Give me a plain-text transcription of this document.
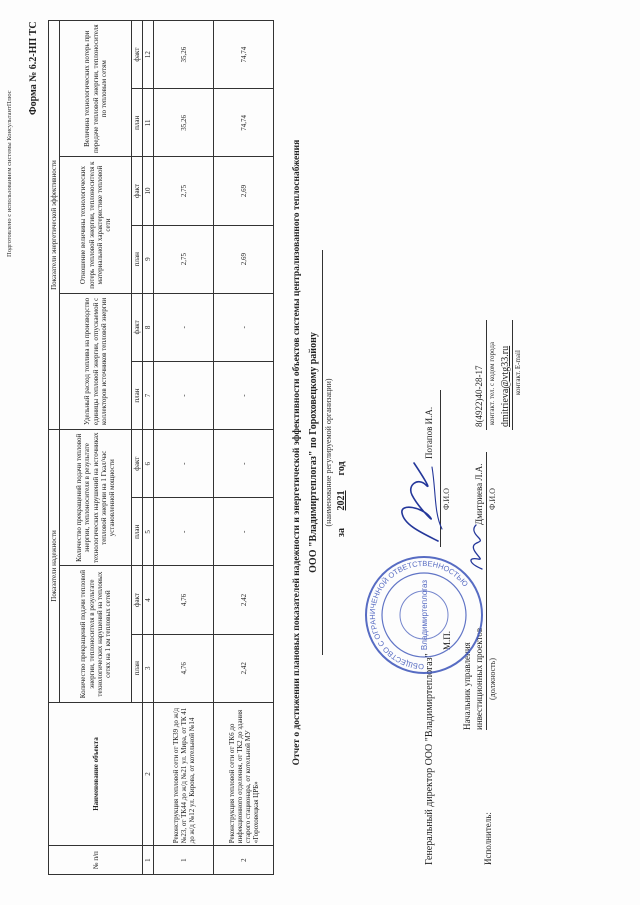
Подготовлено с использованием системы КонсультантПлюс
Форма № 6.2-НП ТС
№ п/п	Наименование объекта	Показатели надежности				Показатели энергетической эффективности					
		Количество прекращений подачи тепловой энергии, теплоносителя в результате технологических нарушений на тепловых сетях на 1 км тепловых сетей		Количество прекращений подачи тепловой энергии, теплоносителя в результате технологических нарушений на источниках тепловой энергии на 1 Гкал/час установленной мощности		Удельный расход топлива на производство единицы тепловой энергии, отпускаемой с коллекторов источников тепловой энергии		Отношение величины технологических потерь тепловой энергии, теплоносителя к материальной характеристике тепловой сети		Величина технологических потерь при передаче тепловой энергии, теплоносителя по тепловым сетям	
		план	факт	план	факт	план	факт	план	факт	план	факт
1	2	3	4	5	6	7	8	9	10	11	12
1	Реконструкция тепловой сети от ТК39 до ж/д №23, от ТК44 до ж/д №21 ул. Мира, от ТК 41 до ж/д №12 ул. Кирова, от котельной №14	4,76	4,76	-	-	-	-	2,75	2,75	35,26	35,26
2	Реконструкция тепловой сети от ТК6 до инфекционного отделения, от ТК2 до здания старого стационара, от котельной МУ «Гороховецкая ЦРБ»	2,42	2,42	-	-	-	-	2,69	2,69	74,74	74,74
Отчет о достижении плановых показателей надежности и энергетической эффективности объектов системы централизованного теплоснабжения ООО "Владимиртеплогаз" по Гороховецкому району (наименование регулируемой организации)
за   2021  год
Генеральный директор ООО "Владимиртеплогаз"
Потапов И.А.
Ф.И.О
М.П.
Исполнитель:
Начальник управления инвестиционных проектов (должность)
Дмитриева Л.А. Ф.И.О
8(4922)40-28-17 контакт. тел. с кодом города dmitrieva@vtg33.ru контакт. E-mail
ОБЩЕСТВО С ОГРАНИЧЕННОЙ ОТВЕТСТВЕННОСТЬЮ
Владимиртеплогаз
